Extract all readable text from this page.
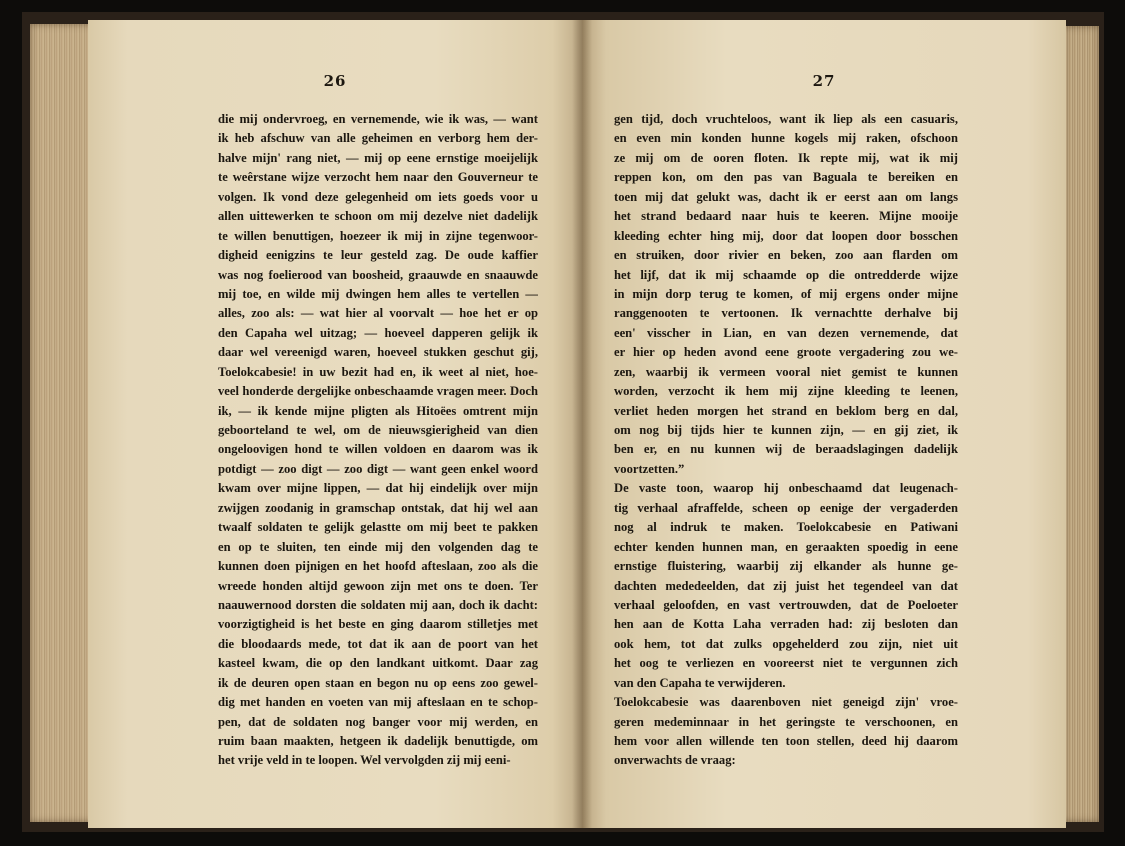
26
die mij ondervroeg, en vernemende, wie ik was, — want
ik heb afschuw van alle geheimen en verborg hem der-
halve mijn' rang niet, — mij op eene ernstige moeijelijk
te weêrstane wijze verzocht hem naar den Gouverneur te
volgen. Ik vond deze gelegenheid om iets goeds voor u
allen uittewerken te schoon om mij dezelve niet dadelijk
te willen benuttigen, hoezeer ik mij in zijne tegenwoor-
digheid eenigzins te leur gesteld zag. De oude kaffier
was nog foelierood van boosheid, graauwde en snaauwde
mij toe, en wilde mij dwingen hem alles te vertellen —
alles, zoo als: — wat hier al voorvalt — hoe het er op
den Capaha wel uitzag; — hoeveel dapperen gelijk ik
daar wel vereenigd waren, hoeveel stukken geschut gij,
Toelokcabesie! in uw bezit had en, ik weet al niet, hoe-
veel honderde dergelijke onbeschaamde vragen meer. Doch
ik, — ik kende mijne pligten als Hitoëes omtrent mijn
geboorteland te wel, om de nieuwsgierigheid van dien
ongeloovigen hond te willen voldoen en daarom was ik
potdigt — zoo digt — zoo digt — want geen enkel woord
kwam over mijne lippen, — dat hij eindelijk over mijn
zwijgen zoodanig in gramschap ontstak, dat hij wel aan
twaalf soldaten te gelijk gelastte om mij beet te pakken
en op te sluiten, ten einde mij den volgenden dag te
kunnen doen pijnigen en het hoofd afteslaan, zoo als die
wreede honden altijd gewoon zijn met ons te doen. Ter
naauwernood dorsten die soldaten mij aan, doch ik dacht:
voorzigtigheid is het beste en ging daarom stilletjes met
die bloodaards mede, tot dat ik aan de poort van het
kasteel kwam, die op den landkant uitkomt. Daar zag
ik de deuren open staan en begon nu op eens zoo gewel-
dig met handen en voeten van mij afteslaan en te schop-
pen, dat de soldaten nog banger voor mij werden, en
ruim baan maakten, hetgeen ik dadelijk benuttigde, om
het vrije veld in te loopen. Wel vervolgden zij mij eeni-
27
gen tijd, doch vruchteloos, want ik liep als een casuaris,
en even min konden hunne kogels mij raken, ofschoon
ze mij om de ooren floten. Ik repte mij, wat ik mij
reppen kon, om den pas van Baguala te bereiken en
toen mij dat gelukt was, dacht ik er eerst aan om langs
het strand bedaard naar huis te keeren. Mijne mooije
kleeding echter hing mij, door dat loopen door bosschen
en struiken, door rivier en beken, zoo aan flarden om
het lijf, dat ik mij schaamde op die ontredderde wijze
in mijn dorp terug te komen, of mij ergens onder mijne
ranggenooten te vertoonen. Ik vernachtte derhalve bij
een' visscher in Lian, en van dezen vernemende, dat
er hier op heden avond eene groote vergadering zou we-
zen, waarbij ik vermeen vooral niet gemist te kunnen
worden, verzocht ik hem mij zijne kleeding te leenen,
verliet heden morgen het strand en beklom berg en dal,
om nog bij tijds hier te kunnen zijn, — en gij ziet, ik
ben er, en nu kunnen wij de beraadslagingen dadelijk
voortzetten.”
De vaste toon, waarop hij onbeschaamd dat leugenach-
tig verhaal afraffelde, scheen op eenige der vergaderden
nog al indruk te maken. Toelokcabesie en Patiwani
echter kenden hunnen man, en geraakten spoedig in eene
ernstige fluistering, waarbij zij elkander als hunne ge-
dachten mededeelden, dat zij juist het tegendeel van dat
verhaal geloofden, en vast vertrouwden, dat de Poeloeter
hen aan de Kotta Laha verraden had: zij besloten dan
ook hem, tot dat zulks opgehelderd zou zijn, niet uit
het oog te verliezen en vooreerst niet te vergunnen zich
van den Capaha te verwijderen.
Toelokcabesie was daarenboven niet geneigd zijn' vroe-
geren medeminnaar in het geringste te verschoonen, en
hem voor allen willende ten toon stellen, deed hij daarom
onverwachts de vraag:
